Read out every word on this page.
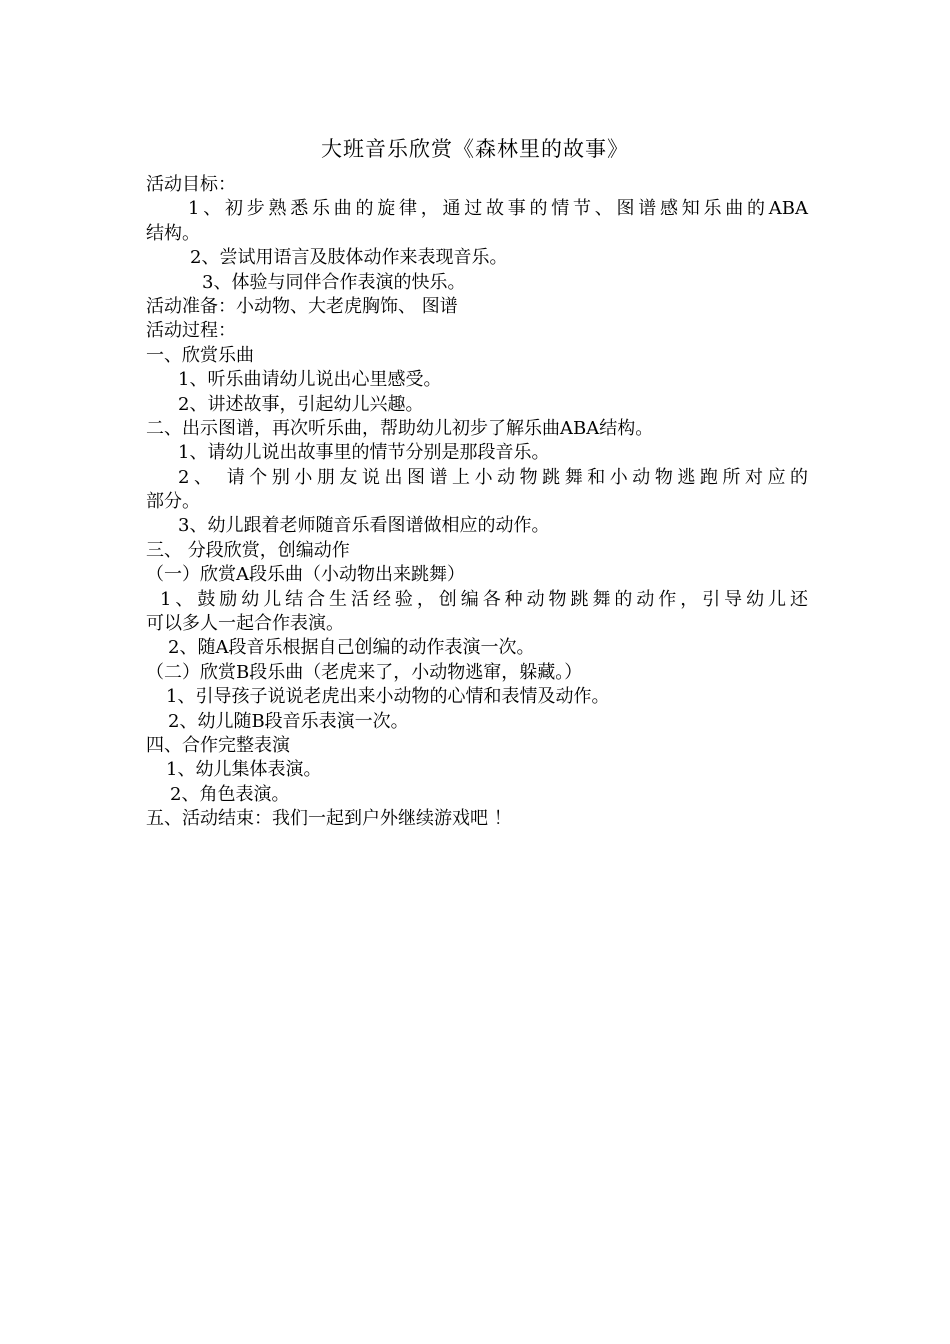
大班音乐欣赏《森林里的故事》
活动目标：
1、初步熟悉乐曲的旋律，通过故事的情节、图谱感知乐曲的ABA
结构。
2、尝试用语言及肢体动作来表现音乐。
3、体验与同伴合作表演的快乐。
活动准备：小动物、大老虎胸饰、 图谱
活动过程：
一、欣赏乐曲
1、听乐曲请幼儿说出心里感受。
2、讲述故事，引起幼儿兴趣。
二、出示图谱，再次听乐曲，帮助幼儿初步了解乐曲ABA结构。
1、请幼儿说出故事里的情节分别是那段音乐。
2、 请个别小朋友说出图谱上小动物跳舞和小动物逃跑所对应的
部分。
3、幼儿跟着老师随音乐看图谱做相应的动作。
三、 分段欣赏，创编动作
（一）欣赏A段乐曲（小动物出来跳舞）
1、鼓励幼儿结合生活经验，创编各种动物跳舞的动作，引导幼儿还
可以多人一起合作表演。
2、随A段音乐根据自己创编的动作表演一次。
（二）欣赏B段乐曲（老虎来了，小动物逃窜，躲藏。）
1、引导孩子说说老虎出来小动物的心情和表情及动作。
2、幼儿随B段音乐表演一次。
四、合作完整表演
1、幼儿集体表演。
2、角色表演。
五、活动结束：我们一起到户外继续游戏吧 ！
